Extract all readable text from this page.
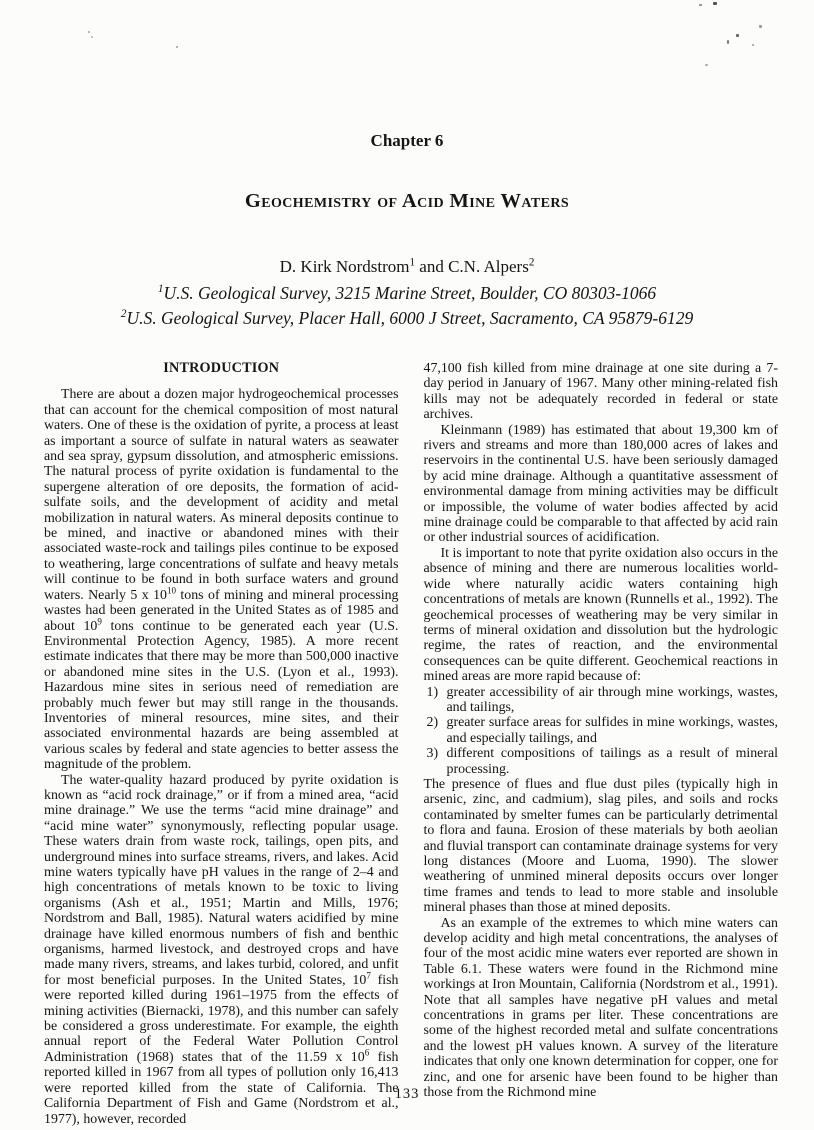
Chapter 6
Geochemistry of Acid Mine Waters
D. Kirk Nordstrom$^1$ and C.N. Alpers$^2$
$^1$U.S. Geological Survey, 3215 Marine Street, Boulder, CO 80303-1066
$^2$U.S. Geological Survey, Placer Hall, 6000 J Street, Sacramento, CA 95879-6129
INTRODUCTION

There are about a dozen major hydrogeochemical processes that can account for the chemical composition of most natural waters. One of these is the oxidation of pyrite, a process at least as important a source of sulfate in natural waters as seawater and sea spray, gypsum dissolution, and atmospheric emissions. The natural process of pyrite oxidation is fundamental to the supergene alteration of ore deposits, the formation of acid-sulfate soils, and the development of acidity and metal mobilization in natural waters. As mineral deposits continue to be mined, and inactive or abandoned mines with their associated waste-rock and tailings piles continue to be exposed to weathering, large concentrations of sulfate and heavy metals will continue to be found in both surface waters and ground waters. Nearly 5 x $10^{10}$ tons of mining and mineral processing wastes had been generated in the United States as of 1985 and about $10^9$ tons continue to be generated each year (U.S. Environmental Protection Agency, 1985). A more recent estimate indicates that there may be more than 500,000 inactive or abandoned mine sites in the U.S. (Lyon et al., 1993). Hazardous mine sites in serious need of remediation are probably much fewer but may still range in the thousands. Inventories of mineral resources, mine sites, and their associated environmental hazards are being assembled at various scales by federal and state agencies to better assess the magnitude of the problem.

The water-quality hazard produced by pyrite oxidation is known as “acid rock drainage,” or if from a mined area, “acid mine drainage.” We use the terms “acid mine drainage” and “acid mine water” synonymously, reflecting popular usage. These waters drain from waste rock, tailings, open pits, and underground mines into surface streams, rivers, and lakes. Acid mine waters typically have pH values in the range of 2–4 and high concentrations of metals known to be toxic to living organisms (Ash et al., 1951; Martin and Mills, 1976; Nordstrom and Ball, 1985). Natural waters acidified by mine drainage have killed enormous numbers of fish and benthic organisms, harmed livestock, and destroyed crops and have made many rivers, streams, and lakes turbid, colored, and unfit for most beneficial purposes. In the United States, $10^7$ fish were reported killed during 1961–1975 from the effects of mining activities (Biernacki, 1978), and this number can safely be considered a gross underestimate. For example, the eighth annual report of the Federal Water Pollution Control Administration (1968) states that of the 11.59 x $10^6$ fish reported killed in 1967 from all types of pollution only 16,413 were reported killed from the state of California. The California Department of Fish and Game (Nordstrom et al., 1977), however, recorded

47,100 fish killed from mine drainage at one site during a 7-day period in January of 1967. Many other mining-related fish kills may not be adequately recorded in federal or state archives.

Kleinmann (1989) has estimated that about 19,300 km of rivers and streams and more than 180,000 acres of lakes and reservoirs in the continental U.S. have been seriously damaged by acid mine drainage. Although a quantitative assessment of environmental damage from mining activities may be difficult or impossible, the volume of water bodies affected by acid mine drainage could be comparable to that affected by acid rain or other industrial sources of acidification.

It is important to note that pyrite oxidation also occurs in the absence of mining and there are numerous localities world-wide where naturally acidic waters containing high concentrations of metals are known (Runnells et al., 1992). The geochemical processes of weathering may be very similar in terms of mineral oxidation and dissolution but the hydrologic regime, the rates of reaction, and the environmental consequences can be quite different. Geochemical reactions in mined areas are more rapid because of:

1) greater accessibility of air through mine workings, wastes, and tailings,
2) greater surface areas for sulfides in mine workings, wastes, and especially tailings, and
3) different compositions of tailings as a result of mineral processing.

The presence of flues and flue dust piles (typically high in arsenic, zinc, and cadmium), slag piles, and soils and rocks contaminated by smelter fumes can be particularly detrimental to flora and fauna. Erosion of these materials by both aeolian and fluvial transport can contaminate drainage systems for very long distances (Moore and Luoma, 1990). The slower weathering of unmined mineral deposits occurs over longer time frames and tends to lead to more stable and insoluble mineral phases than those at mined deposits.

As an example of the extremes to which mine waters can develop acidity and high metal concentrations, the analyses of four of the most acidic mine waters ever reported are shown in Table 6.1. These waters were found in the Richmond mine workings at Iron Mountain, California (Nordstrom et al., 1991). Note that all samples have negative pH values and metal concentrations in grams per liter. These concentrations are some of the highest recorded metal and sulfate concentrations and the lowest pH values known. A survey of the literature indicates that only one known determination for copper, one for zinc, and one for arsenic have been found to be higher than those from the Richmond mine

133
